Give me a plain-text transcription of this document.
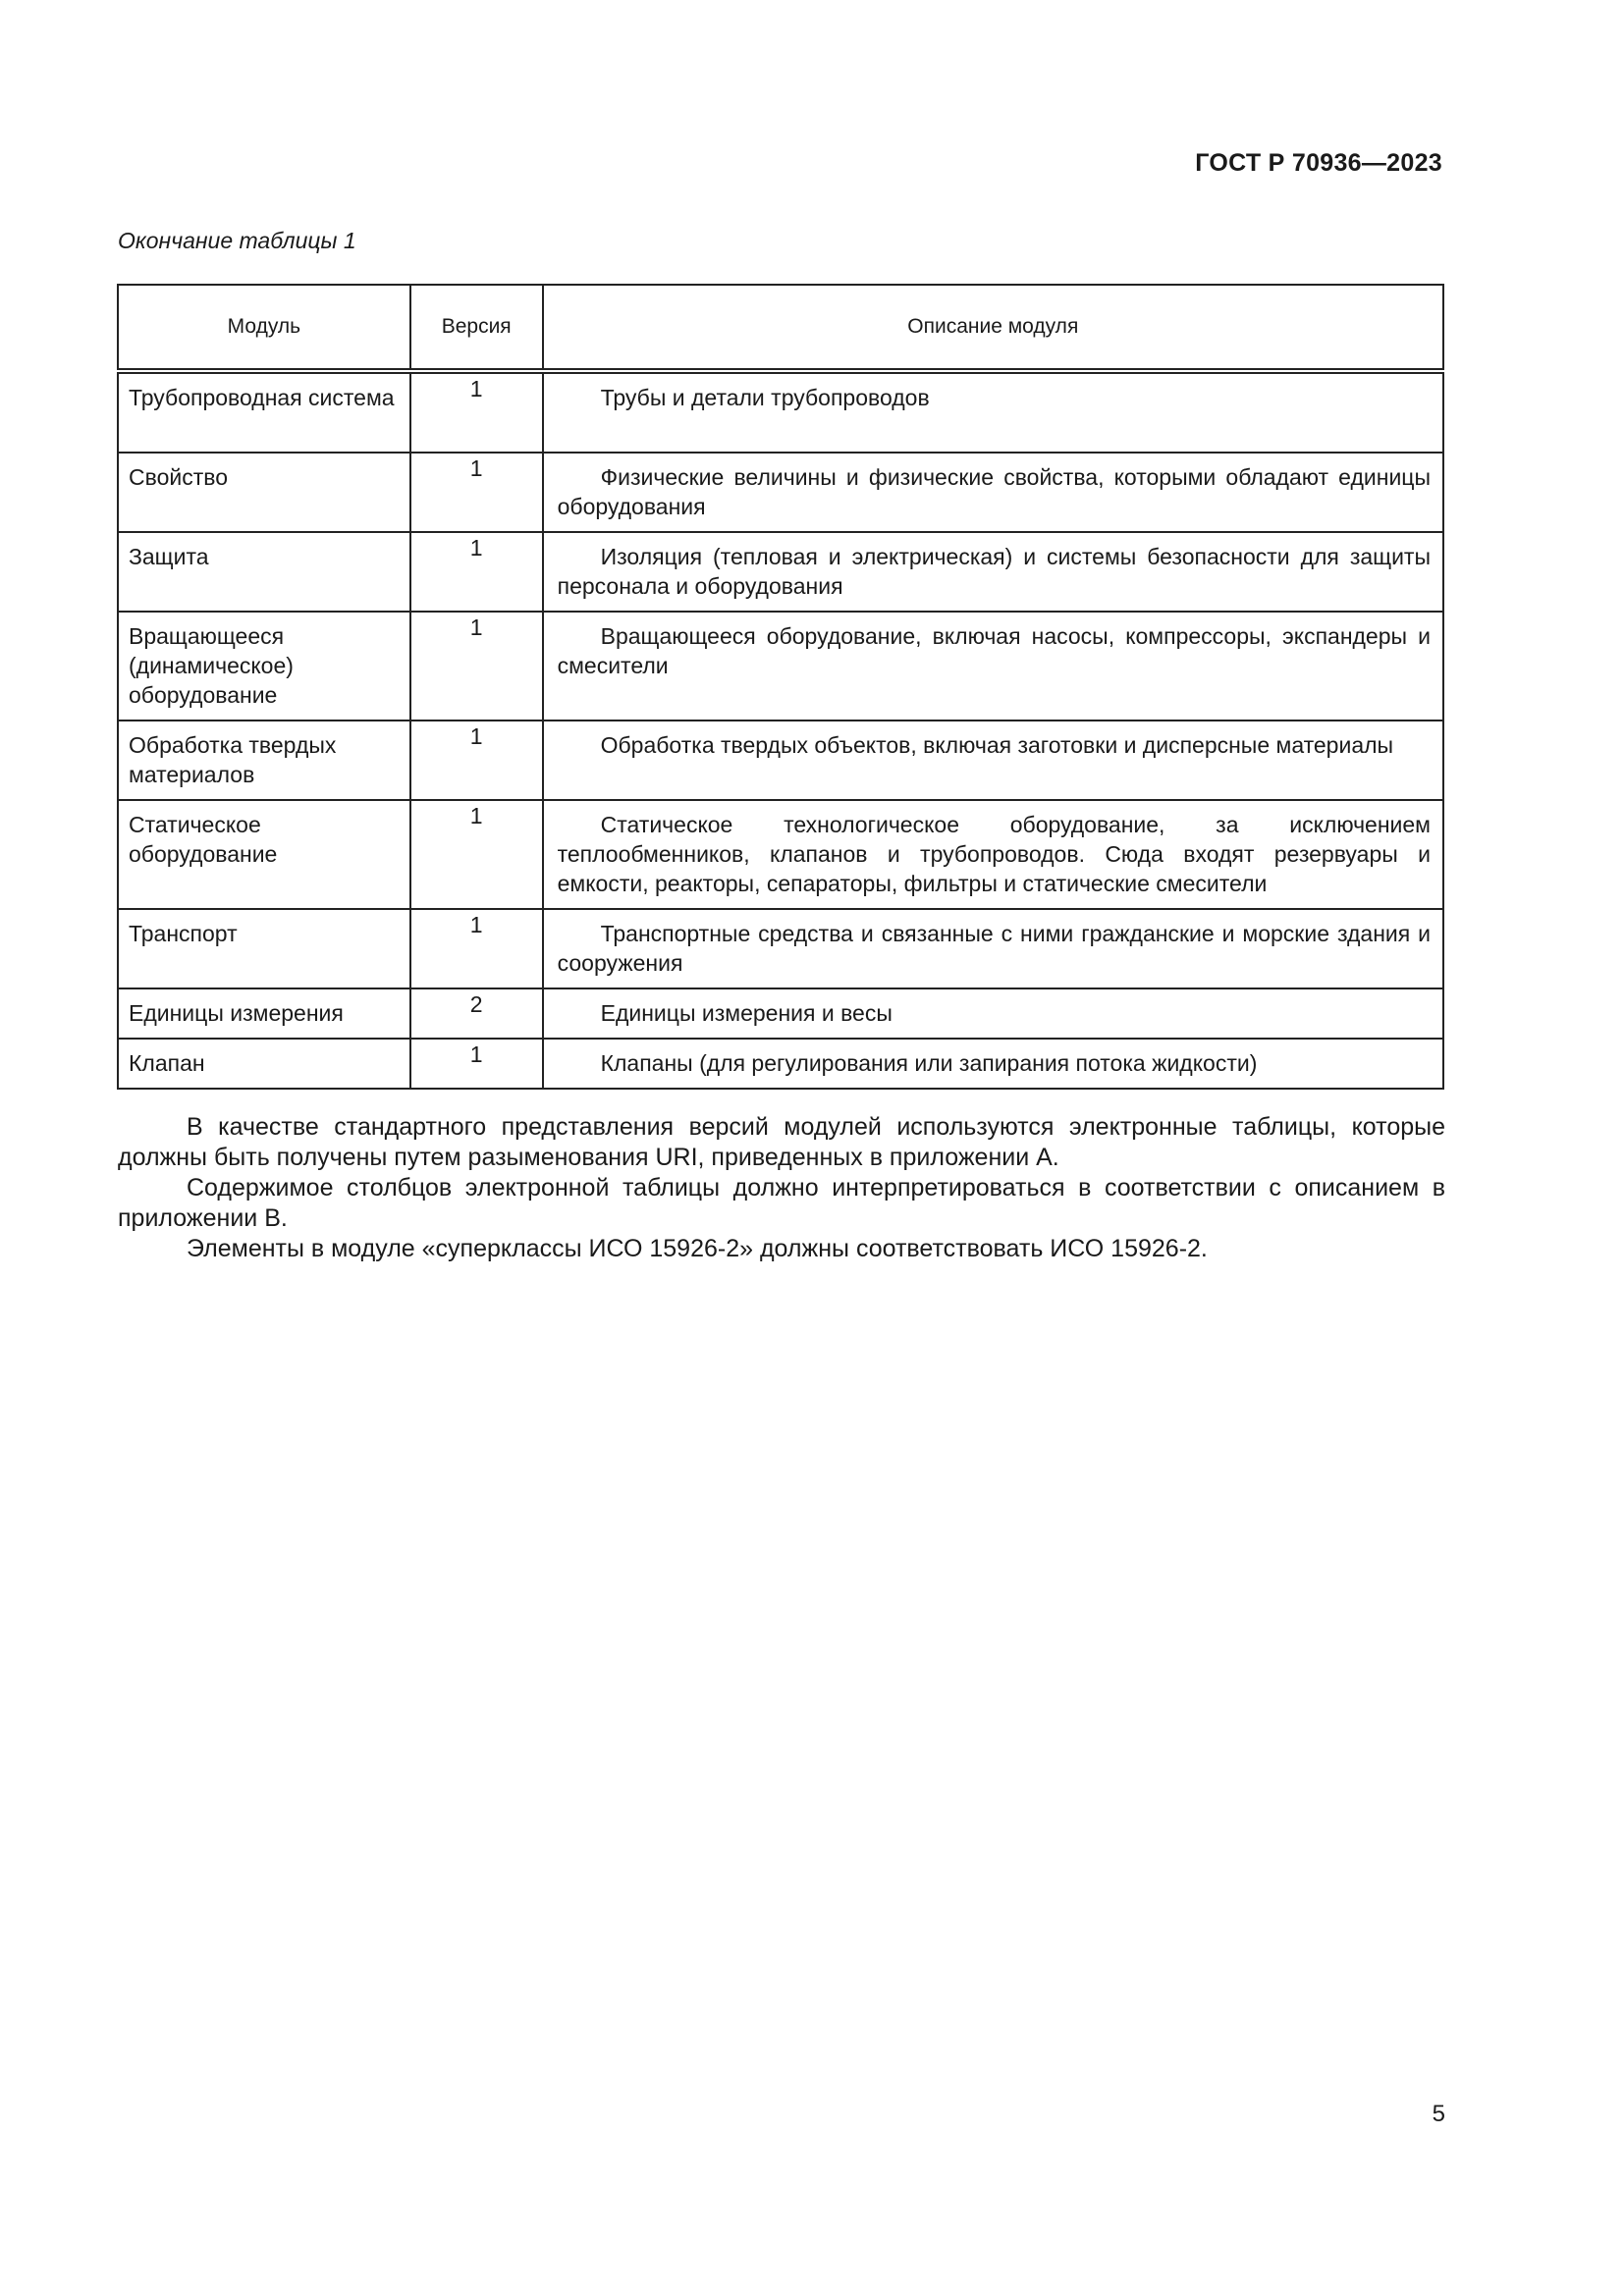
ГОСТ Р 70936—2023
Окончание таблицы 1
Модуль	Версия	Описание модуля
Трубопроводная система	1	Трубы и детали трубопроводов
Свойство	1	Физические величины и физические свойства, которыми обладают единицы оборудования
Защита	1	Изоляция (тепловая и электрическая) и системы безопасности для защиты персонала и оборудования
Вращающееся (динамическое) оборудование	1	Вращающееся оборудование, включая насосы, компрессоры, экспандеры и смесители
Обработка твердых материалов	1	Обработка твердых объектов, включая заготовки и дисперсные материалы
Статическое оборудование	1	Статическое технологическое оборудование, за исключением теплообменников, клапанов и трубопроводов. Сюда входят резервуары и емкости, реакторы, сепараторы, фильтры и статические смесители
Транспорт	1	Транспортные средства и связанные с ними гражданские и морские здания и сооружения
Единицы измерения	2	Единицы измерения и весы
Клапан	1	Клапаны (для регулирования или запирания потока жидкости)

В качестве стандартного представления версий модулей используются электронные таблицы, которые должны быть получены путем разыменования URI, приведенных в приложении А.

Содержимое столбцов электронной таблицы должно интерпретироваться в соответствии с описанием в приложении В.

Элементы в модуле «суперклассы ИСО 15926-2» должны соответствовать ИСО 15926-2.

5
